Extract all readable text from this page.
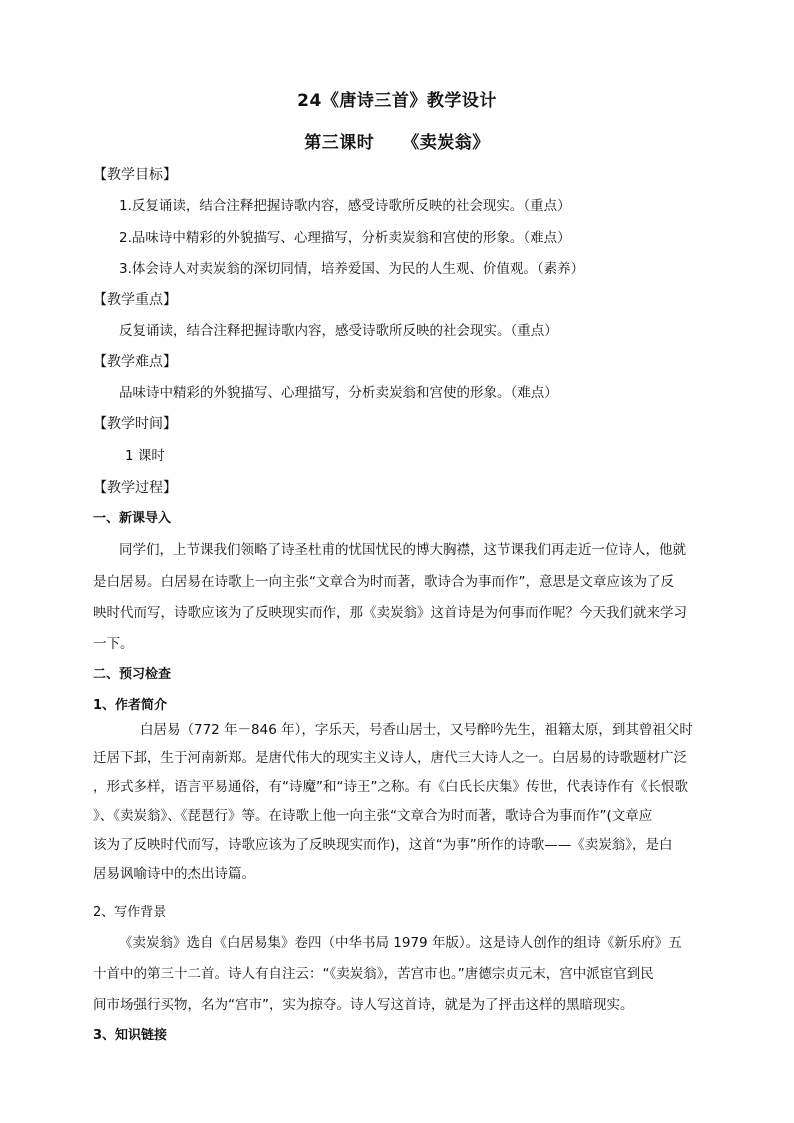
24《唐诗三首》教学设计
第三课时 《卖炭翁》
【教学目标】
1.反复诵读，结合注释把握诗歌内容，感受诗歌所反映的社会现实。（重点）
2.品味诗中精彩的外貌描写、心理描写，分析卖炭翁和宫使的形象。（难点）
3.体会诗人对卖炭翁的深切同情，培养爱国、为民的人生观、价值观。（素养）
【教学重点】
反复诵读，结合注释把握诗歌内容，感受诗歌所反映的社会现实。（重点）
【教学难点】
品味诗中精彩的外貌描写、心理描写，分析卖炭翁和宫使的形象。（难点）
【教学时间】
1 课时
【教学过程】
一、新课导入
同学们，上节课我们领略了诗圣杜甫的忧国忧民的博大胸襟，这节课我们再走近一位诗人，他就
是白居易。白居易在诗歌上一向主张“文章合为时而著，歌诗合为事而作”，意思是文章应该为了反
映时代而写，诗歌应该为了反映现实而作，那《卖炭翁》这首诗是为何事而作呢？今天我们就来学习
一下。
二、预习检查
1、作者简介
白居易（772 年－846 年），字乐天，号香山居士，又号醉吟先生，祖籍太原，到其曾祖父时
迁居下邽，生于河南新郑。是唐代伟大的现实主义诗人，唐代三大诗人之一。白居易的诗歌题材广泛
，形式多样，语言平易通俗，有“诗魔”和“诗王”之称。有《白氏长庆集》传世，代表诗作有《长恨歌
》、《卖炭翁》、《琵琶行》等。在诗歌上他一向主张“文章合为时而著，歌诗合为事而作”(文章应
该为了反映时代而写，诗歌应该为了反映现实而作)，这首“为事”所作的诗歌——《卖炭翁》，是白
居易讽喻诗中的杰出诗篇。
2、写作背景
《卖炭翁》选自《白居易集》卷四（中华书局 1979 年版）。这是诗人创作的组诗《新乐府》五
十首中的第三十二首。诗人有自注云：“《卖炭翁》，苦宫市也。”唐德宗贞元末，宫中派宦官到民
间市场强行买物，名为“宫市”，实为掠夺。诗人写这首诗，就是为了抨击这样的黑暗现实。
3、知识链接
